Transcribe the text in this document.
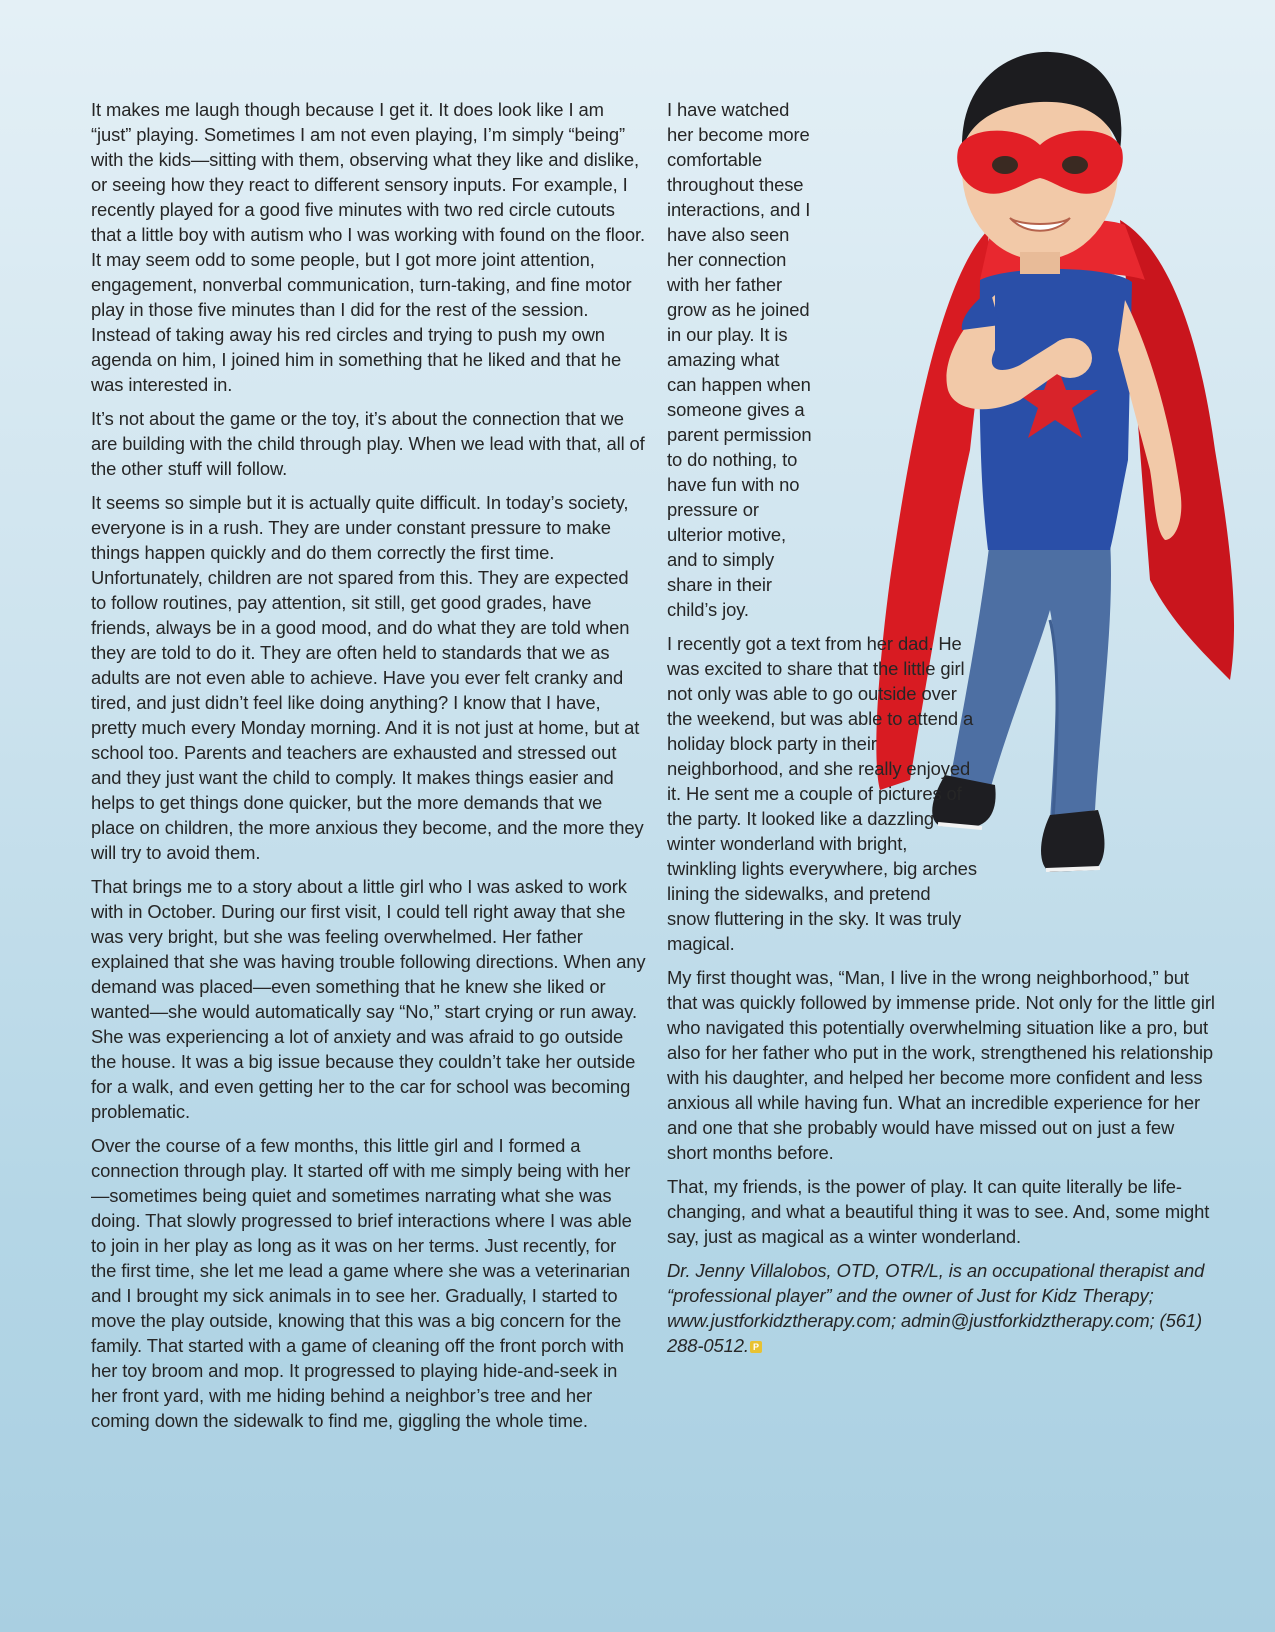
It makes me laugh though because I get it. It does look like I am “just” playing. Sometimes I am not even playing, I’m simply “being” with the kids—sitting with them, observing what they like and dislike, or seeing how they react to different sensory inputs. For example, I recently played for a good five minutes with two red circle cutouts that a little boy with autism who I was working with found on the floor. It may seem odd to some people, but I got more joint attention, engagement, nonverbal communication, turn-taking, and fine motor play in those five minutes than I did for the rest of the session. Instead of taking away his red circles and trying to push my own agenda on him, I joined him in something that he liked and that he was interested in.

It’s not about the game or the toy, it’s about the connection that we are building with the child through play. When we lead with that, all of the other stuff will follow.

It seems so simple but it is actually quite difficult. In today’s society, everyone is in a rush. They are under constant pressure to make things happen quickly and do them correctly the first time. Unfortunately, children are not spared from this. They are expected to follow routines, pay attention, sit still, get good grades, have friends, always be in a good mood, and do what they are told when they are told to do it. They are often held to standards that we as adults are not even able to achieve. Have you ever felt cranky and tired, and just didn’t feel like doing anything? I know that I have, pretty much every Monday morning. And it is not just at home, but at school too. Parents and teachers are exhausted and stressed out and they just want the child to comply. It makes things easier and helps to get things done quicker, but the more demands that we place on children, the more anxious they become, and the more they will try to avoid them.

That brings me to a story about a little girl who I was asked to work with in October. During our first visit, I could tell right away that she was very bright, but she was feeling overwhelmed. Her father explained that she was having trouble following directions. When any demand was placed—even something that he knew she liked or wanted—she would automatically say “No,” start crying or run away. She was experiencing a lot of anxiety and was afraid to go outside the house. It was a big issue because they couldn’t take her outside for a walk, and even getting her to the car for school was becoming problematic.

Over the course of a few months, this little girl and I formed a connection through play. It started off with me simply being with her—sometimes being quiet and sometimes narrating what she was doing. That slowly progressed to brief interactions where I was able to join in her play as long as it was on her terms. Just recently, for the first time, she let me lead a game where she was a veterinarian and I brought my sick animals in to see her. Gradually, I started to move the play outside, knowing that this was a big concern for the family. That started with a game of cleaning off the front porch with her toy broom and mop. It progressed to playing hide-and-seek in her front yard, with me hiding behind a neighbor’s tree and her coming down the sidewalk to find me, giggling the whole time.

I have watched her become more comfortable throughout these interactions, and I have also seen her connection with her father grow as he joined in our play. It is amazing what can happen when someone gives a parent permission to do nothing, to have fun with no pressure or ulterior motive, and to simply share in their child’s joy.

I recently got a text from her dad. He was excited to share that the little girl not only was able to go outside over the weekend, but was able to attend a holiday block party in their neighborhood, and she really enjoyed it. He sent me a couple of pictures of the party. It looked like a dazzling winter wonderland with bright, twinkling lights everywhere, big arches lining the sidewalks, and pretend snow fluttering in the sky. It was truly magical.

My first thought was, “Man, I live in the wrong neighborhood,” but that was quickly followed by immense pride. Not only for the little girl who navigated this potentially overwhelming situation like a pro, but also for her father who put in the work, strengthened his relationship with his daughter, and helped her become more confident and less anxious all while having fun. What an incredible experience for her and one that she probably would have missed out on just a few short months before.

That, my friends, is the power of play. It can quite literally be life-changing, and what a beautiful thing it was to see. And, some might say, just as magical as a winter wonderland.

Dr. Jenny Villalobos, OTD, OTR/L, is an occupational therapist and “professional player” and the owner of Just for Kidz Therapy; www.justforkidztherapy.com; admin@justforkidztherapy.com; (561) 288-0512. P
